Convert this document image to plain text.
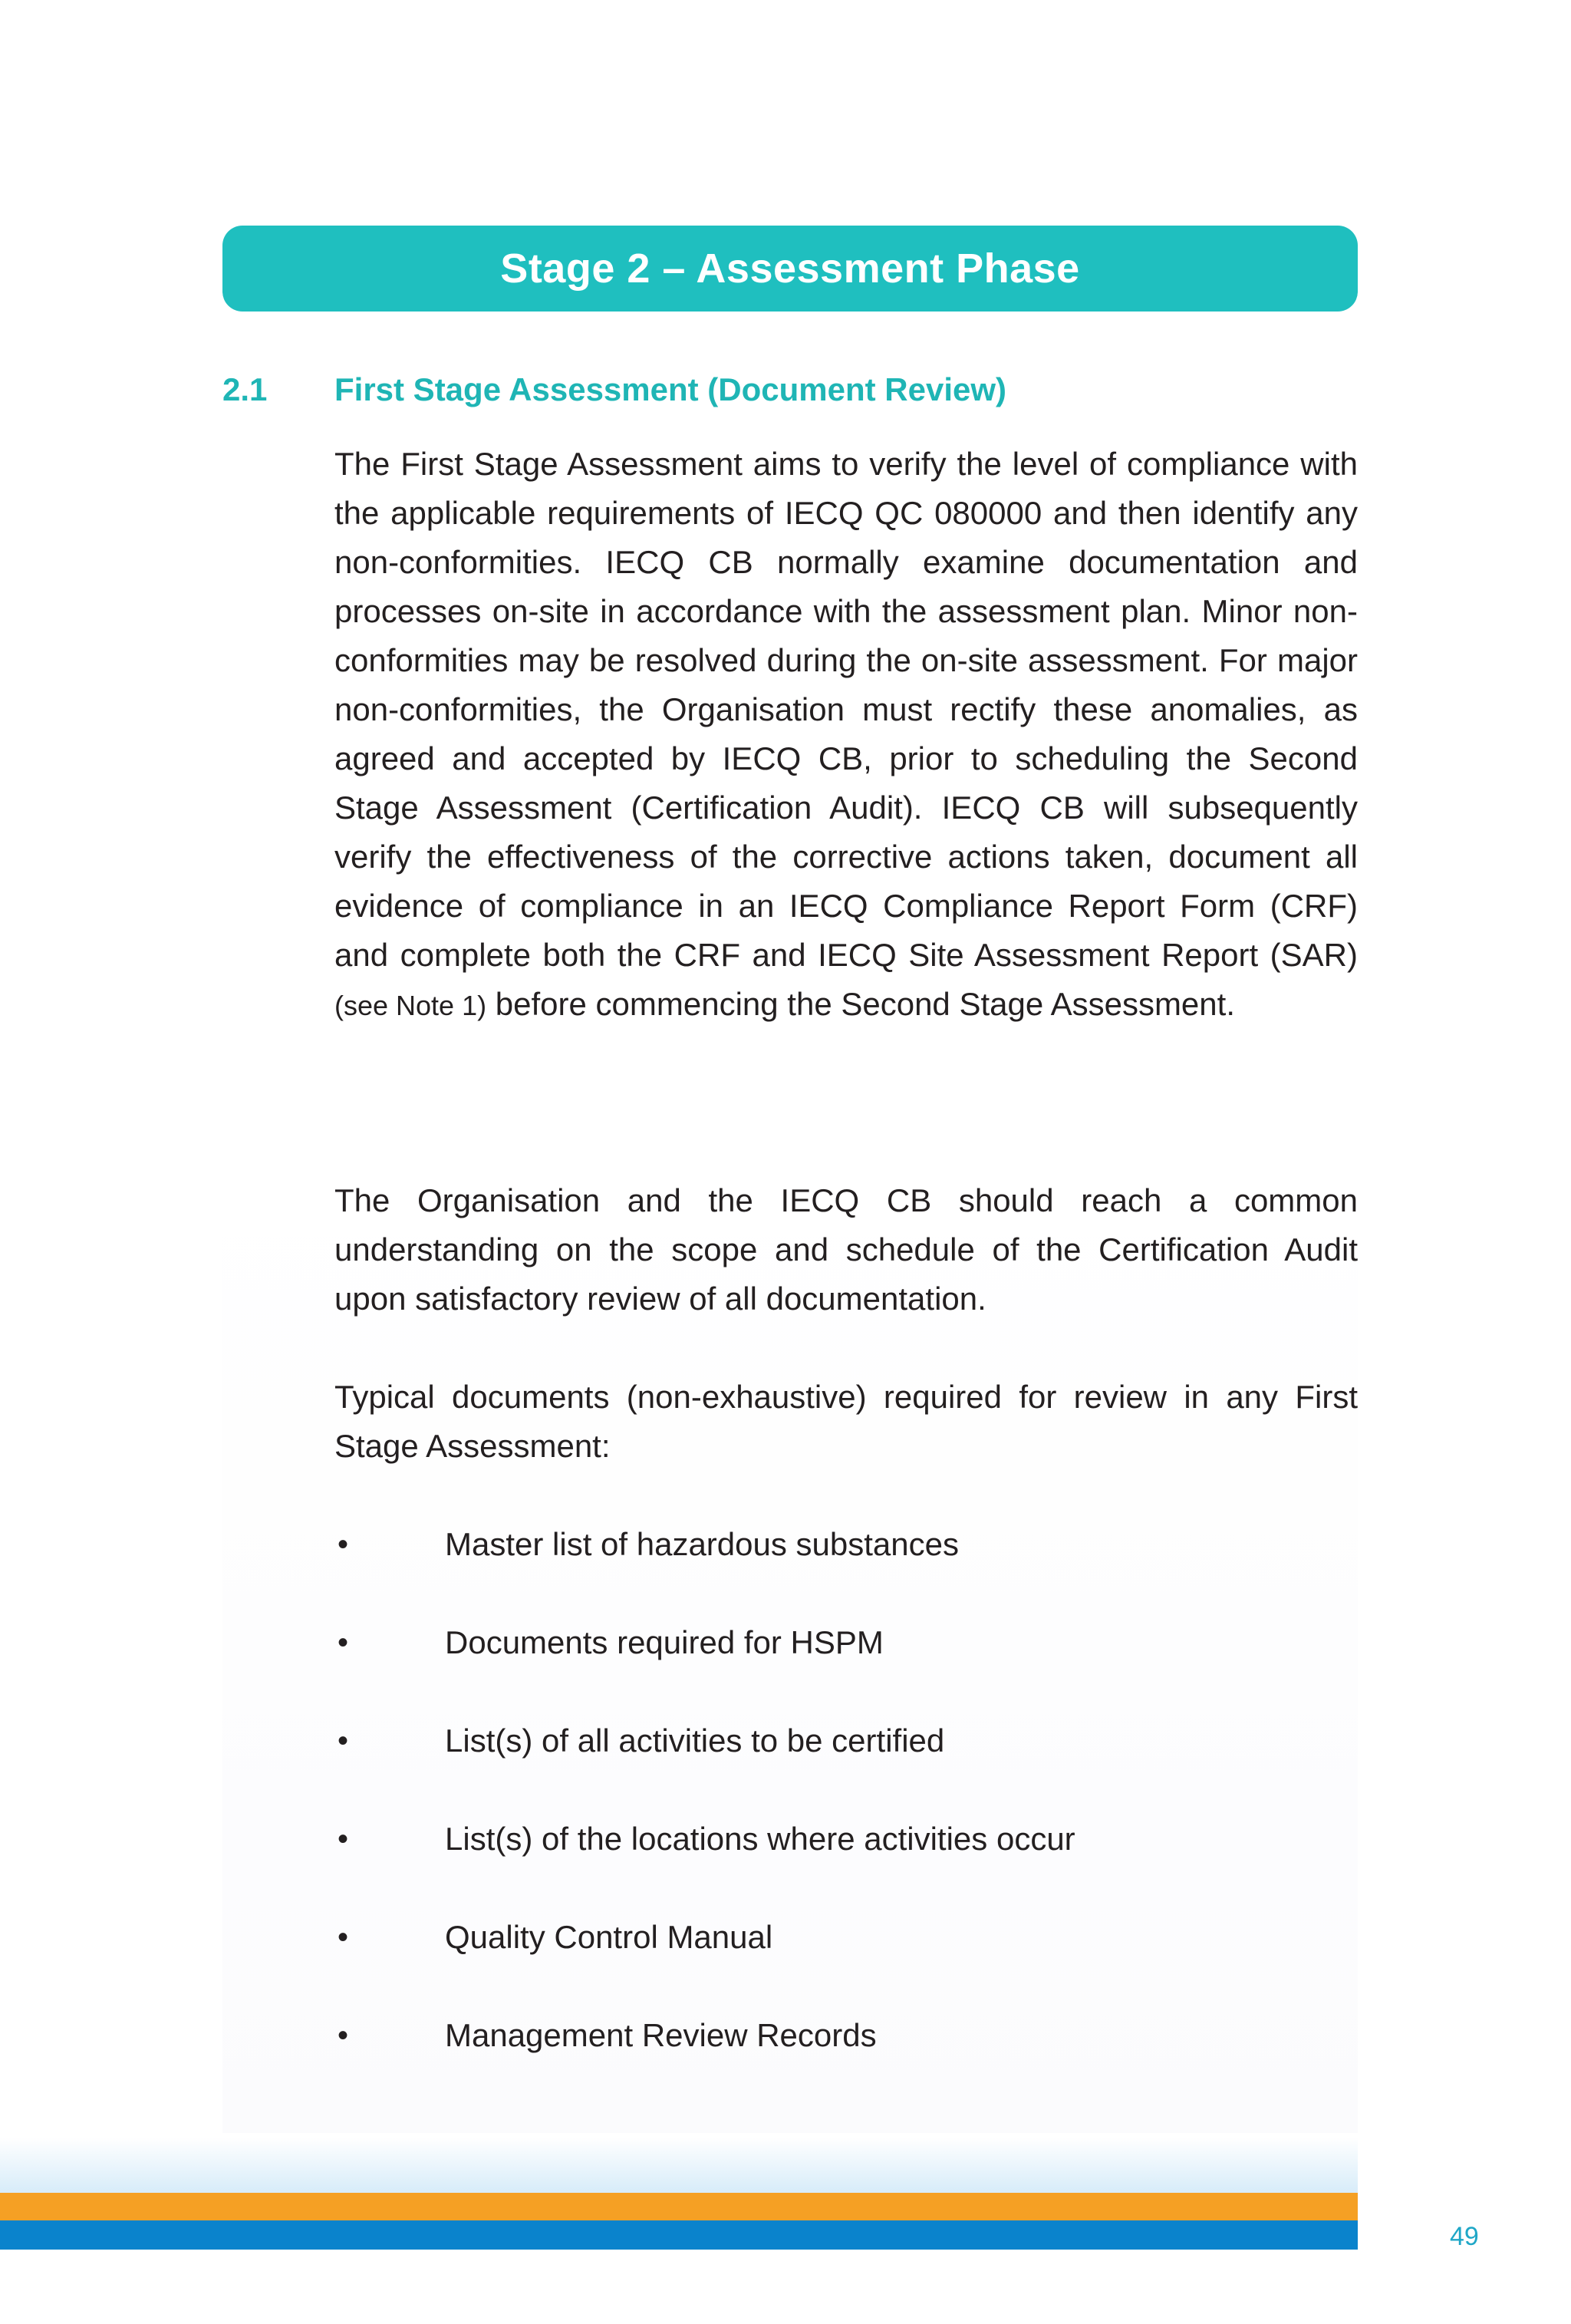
Stage 2 – Assessment Phase
2.1 First Stage Assessment (Document Review)
The First Stage Assessment aims to verify the level of compliance with the applicable requirements of IECQ QC 080000 and then identify any non-conformities. IECQ CB normally examine documentation and processes on-site in accordance with the assessment plan. Minor non-conformities may be resolved during the on-site assessment. For major non-conformities, the Organisation must rectify these anomalies, as agreed and accepted by IECQ CB, prior to scheduling the Second Stage Assessment (Certification Audit). IECQ CB will subsequently verify the effectiveness of the corrective actions taken, document all evidence of compliance in an IECQ Compliance Report Form (CRF) and complete both the CRF and IECQ Site Assessment Report (SAR) (see Note 1) before commencing the Second Stage Assessment.
The Organisation and the IECQ CB should reach a common understanding on the scope and schedule of the Certification Audit upon satisfactory review of all documentation.
Typical documents (non-exhaustive) required for review in any First Stage Assessment:
•	Master list of hazardous substances
•	Documents required for HSPM
•	List(s) of all activities to be certified
•	List(s) of the locations where activities occur
•	Quality Control Manual
•	Management Review Records
49
